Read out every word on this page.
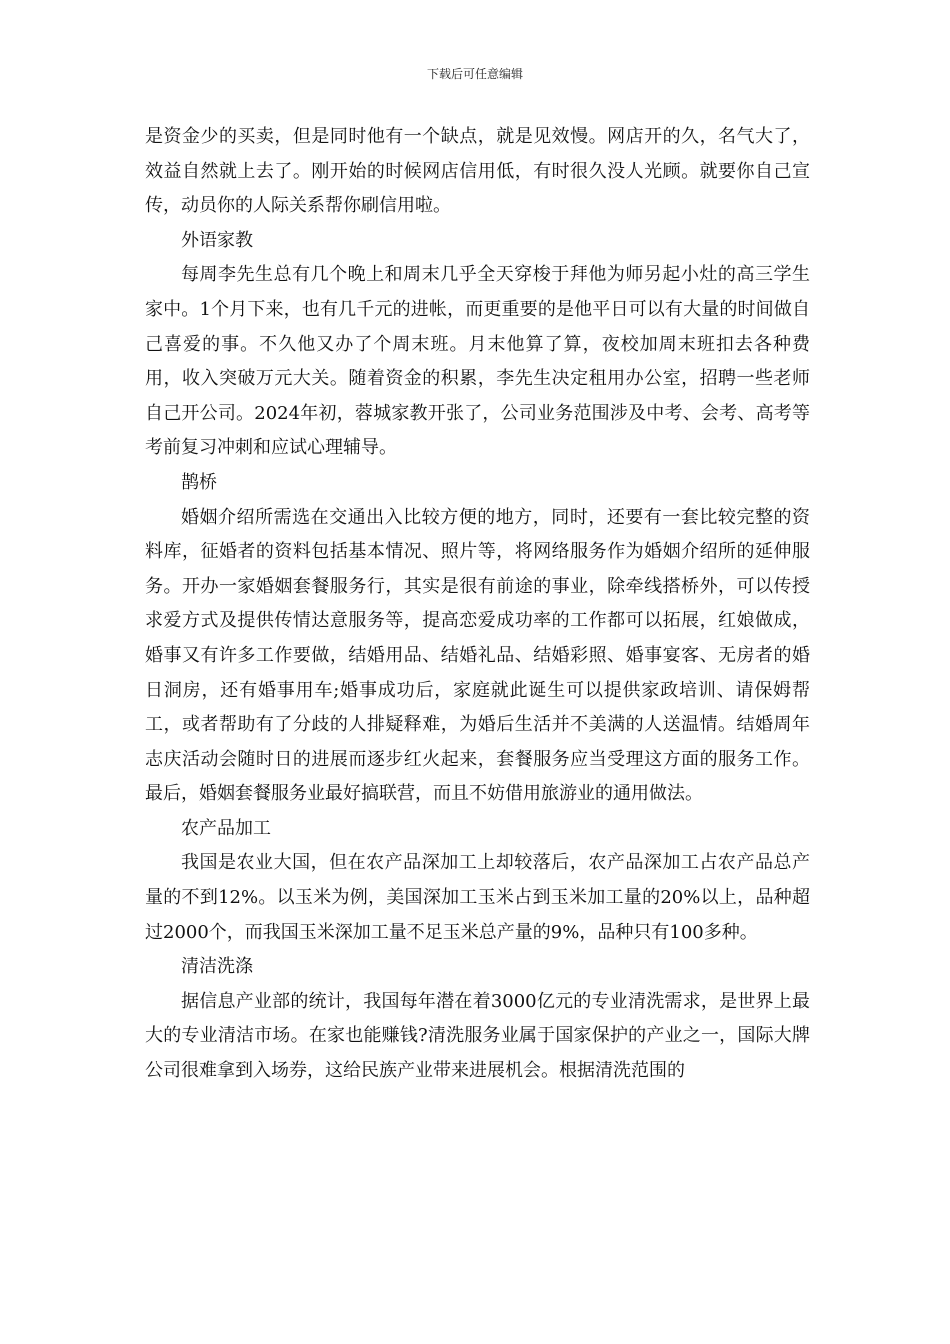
下载后可任意编辑

是资金少的买卖，但是同时他有一个缺点，就是见效慢。网店开的久，名气大了，效益自然就上去了。刚开始的时候网店信用低，有时很久没人光顾。就要你自己宣传，动员你的人际关系帮你刷信用啦。

外语家教

每周李先生总有几个晚上和周末几乎全天穿梭于拜他为师另起小灶的高三学生家中。1个月下来，也有几千元的进帐，而更重要的是他平日可以有大量的时间做自己喜爱的事。不久他又办了个周末班。月末他算了算，夜校加周末班扣去各种费用，收入突破万元大关。随着资金的积累，李先生决定租用办公室，招聘一些老师自己开公司。2024年初，蓉城家教开张了，公司业务范围涉及中考、会考、高考等考前复习冲刺和应试心理辅导。

鹊桥

婚姻介绍所需选在交通出入比较方便的地方，同时，还要有一套比较完整的资料库，征婚者的资料包括基本情况、照片等，将网络服务作为婚姻介绍所的延伸服务。开办一家婚姻套餐服务行，其实是很有前途的事业，除牵线搭桥外，可以传授求爱方式及提供传情达意服务等，提高恋爱成功率的工作都可以拓展，红娘做成，婚事又有许多工作要做，结婚用品、结婚礼品、结婚彩照、婚事宴客、无房者的婚日洞房，还有婚事用车;婚事成功后，家庭就此诞生可以提供家政培训、请保姆帮工，或者帮助有了分歧的人排疑释难，为婚后生活并不美满的人送温情。结婚周年志庆活动会随时日的进展而逐步红火起来，套餐服务应当受理这方面的服务工作。最后，婚姻套餐服务业最好搞联营，而且不妨借用旅游业的通用做法。

农产品加工

我国是农业大国，但在农产品深加工上却较落后，农产品深加工占农产品总产量的不到12%。以玉米为例，美国深加工玉米占到玉米加工量的20%以上，品种超过2000个，而我国玉米深加工量不足玉米总产量的9%，品种只有100多种。

清洁洗涤

据信息产业部的统计，我国每年潜在着3000亿元的专业清洗需求，是世界上最大的专业清洁市场。在家也能赚钱?清洗服务业属于国家保护的产业之一，国际大牌公司很难拿到入场券，这给民族产业带来进展机会。根据清洗范围的
